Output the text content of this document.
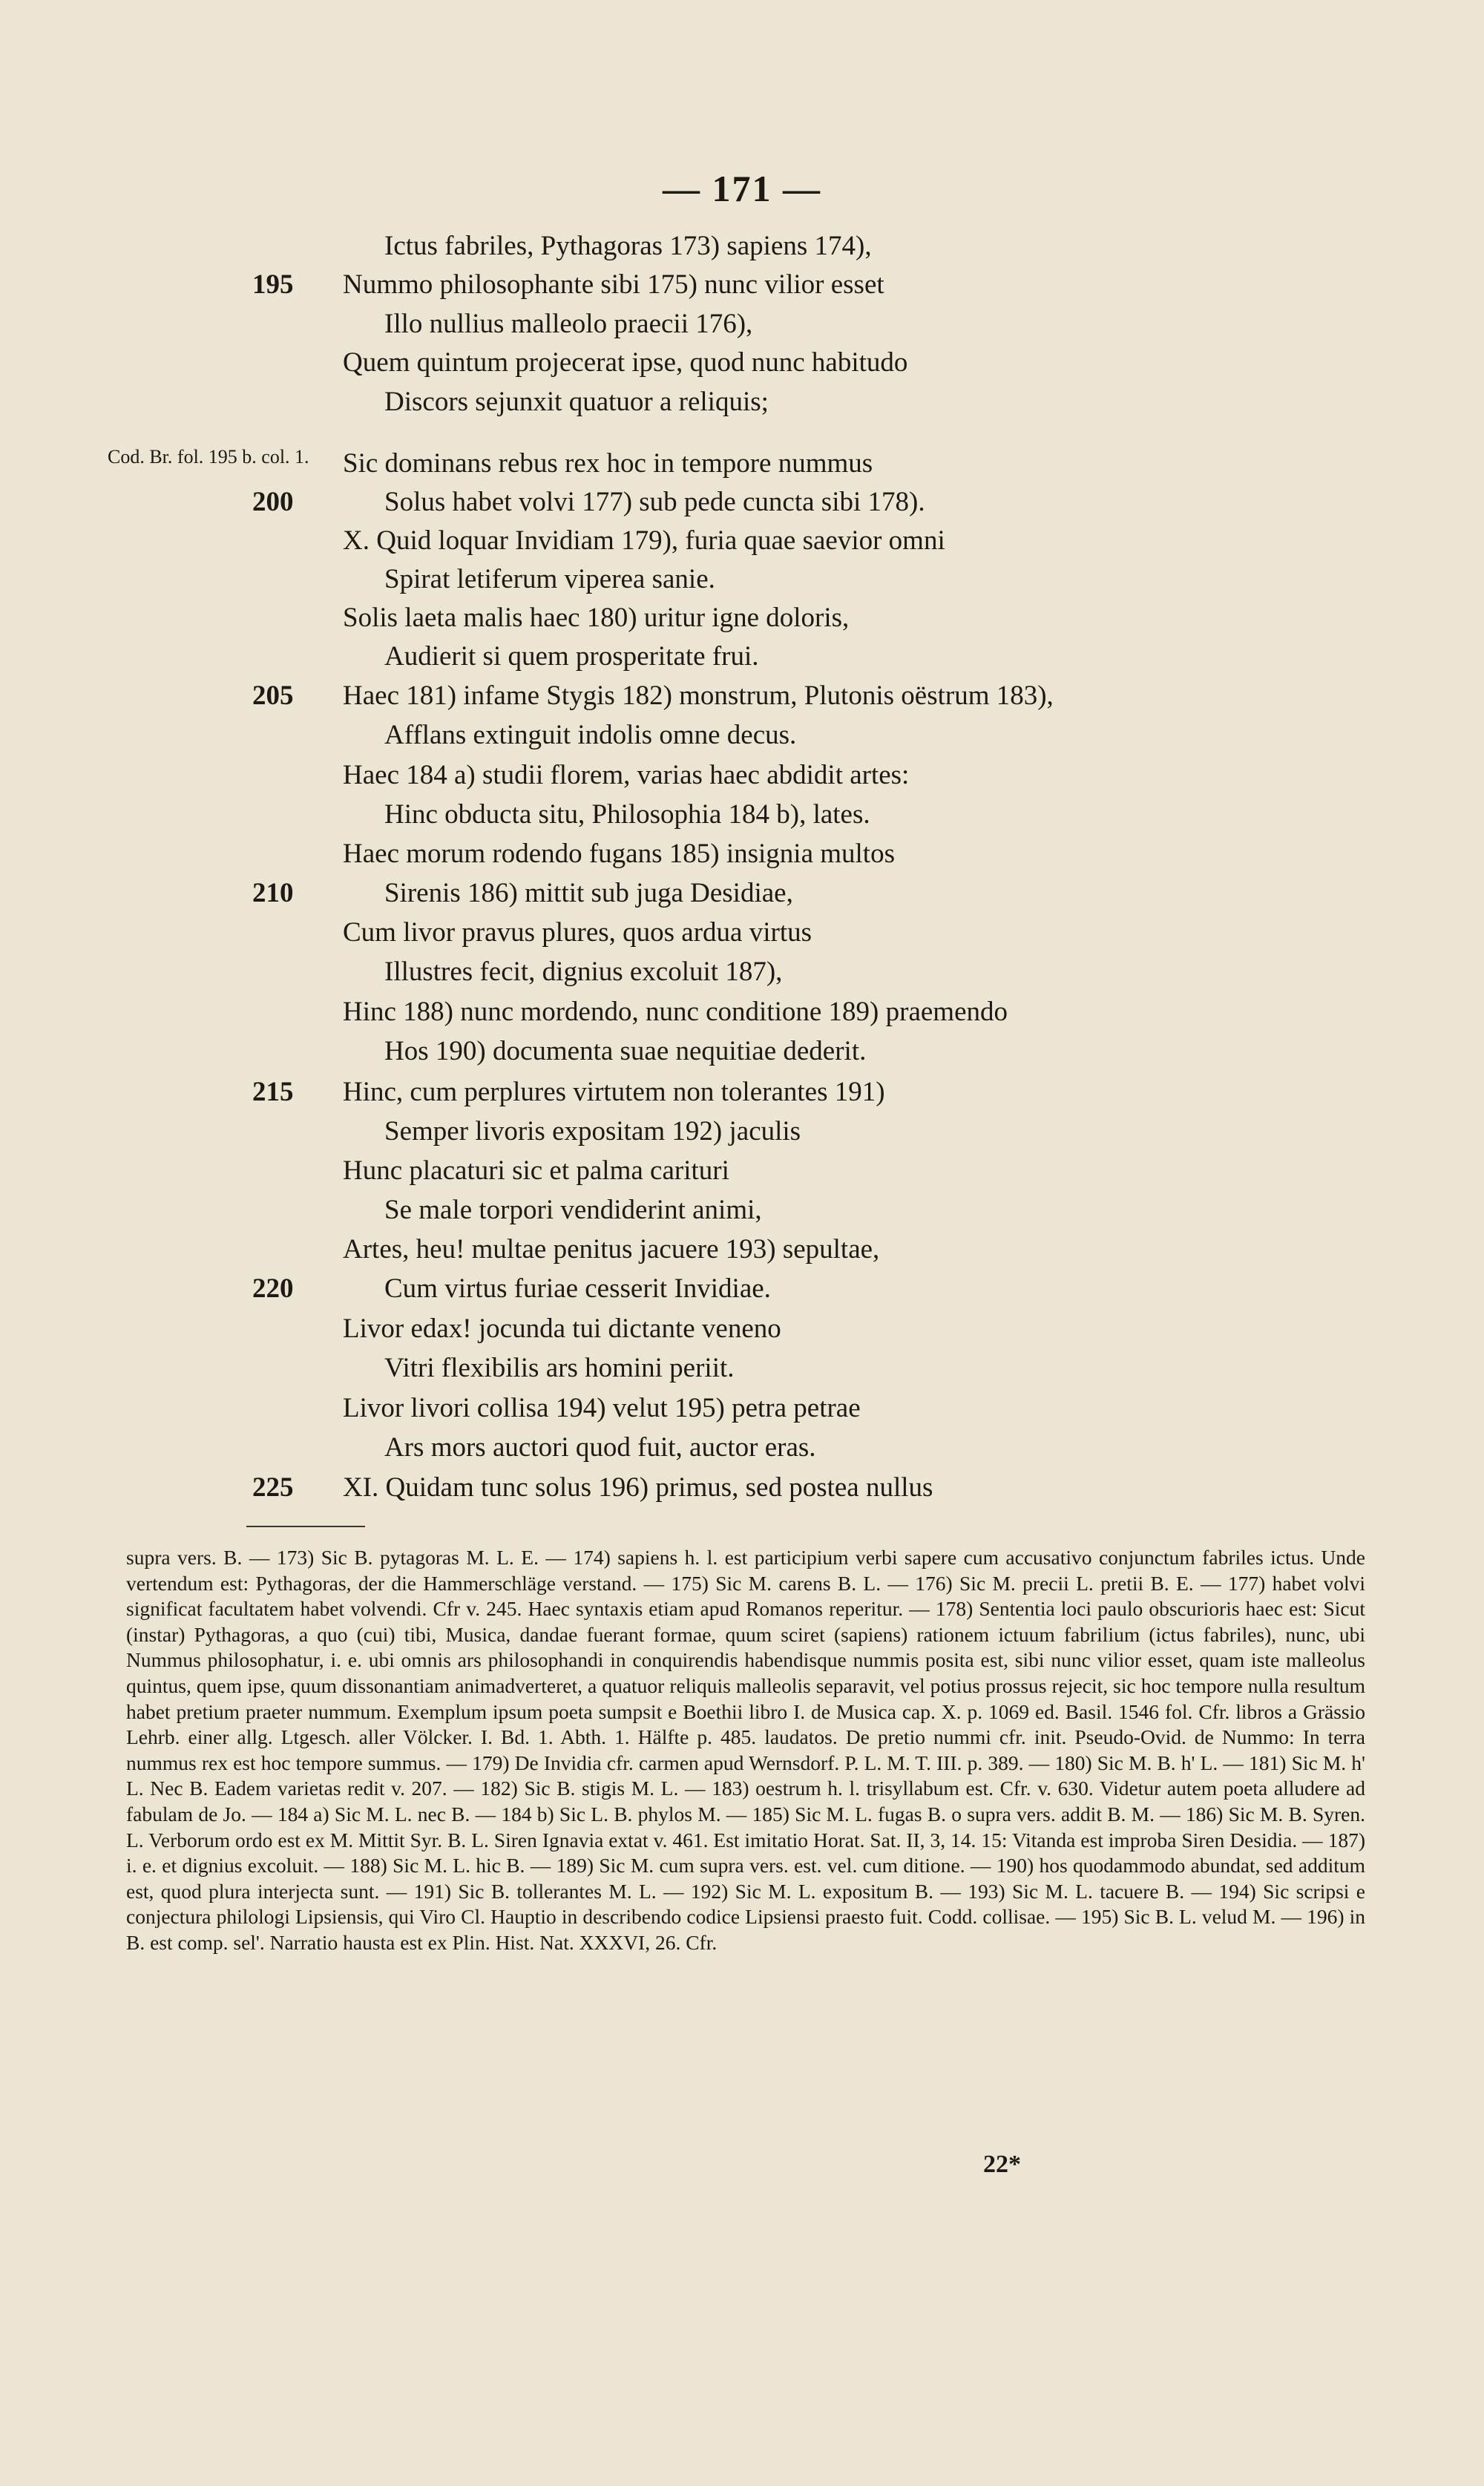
— 171 —
Cod. Br. fol. 195 b. col. 1.
Ictus fabriles, Pythagoras 173) sapiens 174),
195	Nummo philosophante sibi 175) nunc vilior esset
Illo nullius malleolo praecii 176),
Quem quintum projecerat ipse, quod nunc habitudo
Discors sejunxit quatuor a reliquis;
Sic dominans rebus rex hoc in tempore nummus
200	Solus habet volvi 177) sub pede cuncta sibi 178).
X. Quid loquar Invidiam 179), furia quae saevior omni
Spirat letiferum viperea sanie.
Solis laeta malis haec 180) uritur igne doloris,
Audierit si quem prosperitate frui.
205	Haec 181) infame Stygis 182) monstrum, Plutonis oëstrum 183),
Afflans extinguit indolis omne decus.
Haec 184 a) studii florem, varias haec abdidit artes:
Hinc obducta situ, Philosophia 184 b), lates.
Haec morum rodendo fugans 185) insignia multos
210	Sirenis 186) mittit sub juga Desidiae,
Cum livor pravus plures, quos ardua virtus
Illustres fecit, dignius excoluit 187),
Hinc 188) nunc mordendo, nunc conditione 189) praemendo
Hos 190) documenta suae nequitiae dederit.
215	Hinc, cum perplures virtutem non tolerantes 191)
Semper livoris expositam 192) jaculis
Hunc placaturi sic et palma carituri
Se male torpori vendiderint animi,
Artes, heu! multae penitus jacuere 193) sepultae,
220	Cum virtus furiae cesserit Invidiae.
Livor edax! jocunda tui dictante veneno
Vitri flexibilis ars homini periit.
Livor livori collisa 194) velut 195) petra petrae
Ars mors auctori quod fuit, auctor eras.
225	XI. Quidam tunc solus 196) primus, sed postea nullus
supra vers. B. — 173) Sic B. pytagoras M. L. E. — 174) sapiens h. l. est participium verbi sapere cum accusativo conjunctum fabriles ictus. Unde vertendum est: Pythagoras, der die Hammerschläge verstand. — 175) Sic M. carens B. L. — 176) Sic M. precii L. pretii B. E. — 177) habet volvi significat facultatem habet volvendi. Cfr v. 245. Haec syntaxis etiam apud Romanos reperitur. — 178) Sententia loci paulo obscurioris haec est: Sicut (instar) Pythagoras, a quo (cui) tibi, Musica, dandae fuerant formae, quum sciret (sapiens) rationem ictuum fabrilium (ictus fabriles), nunc, ubi Nummus philosophatur, i. e. ubi omnis ars philosophandi in conquirendis habendisque nummis posita est, sibi nunc vilior esset, quam iste malleolus quintus, quem ipse, quum dissonantiam animadverteret, a quatuor reliquis malleolis separavit, vel potius prossus rejecit, sic hoc tempore nulla resultum habet pretium praeter nummum. Exemplum ipsum poeta sumpsit e Boethii libro I. de Musica cap. X. p. 1069 ed. Basil. 1546 fol. Cfr. libros a Grässio Lehrb. einer allg. Ltgesch. aller Völcker. I. Bd. 1. Abth. 1. Hälfte p. 485. laudatos. De pretio nummi cfr. init. Pseudo-Ovid. de Nummo: In terra nummus rex est hoc tempore summus. — 179) De Invidia cfr. carmen apud Wernsdorf. P. L. M. T. III. p. 389. — 180) Sic M. B. h' L. — 181) Sic M. h' L. Nec B. Eadem varietas redit v. 207. — 182) Sic B. stigis M. L. — 183) oestrum h. l. trisyllabum est. Cfr. v. 630. Videtur autem poeta alludere ad fabulam de Jo. — 184 a) Sic M. L. nec B. — 184 b) Sic L. B. phylos M. — 185) Sic M. L. fugas B. o supra vers. addit B. M. — 186) Sic M. B. Syren. L. Verborum ordo est ex M. Mittit Syr. B. L. Siren Ignavia extat v. 461. Est imitatio Horat. Sat. II, 3, 14. 15: Vitanda est improba Siren Desidia. — 187) i. e. et dignius excoluit. — 188) Sic M. L. hic B. — 189) Sic M. cum supra vers. est. vel. cum ditione. — 190) hos quodammodo abundat, sed additum est, quod plura interjecta sunt. — 191) Sic B. tollerantes M. L. — 192) Sic M. L. expositum B. — 193) Sic M. L. tacuere B. — 194) Sic scripsi e conjectura philologi Lipsiensis, qui Viro Cl. Hauptio in describendo codice Lipsiensi praesto fuit. Codd. collisae. — 195) Sic B. L. velud M. — 196) in B. est comp. sel'. Narratio hausta est ex Plin. Hist. Nat. XXXVI, 26. Cfr.
22*
